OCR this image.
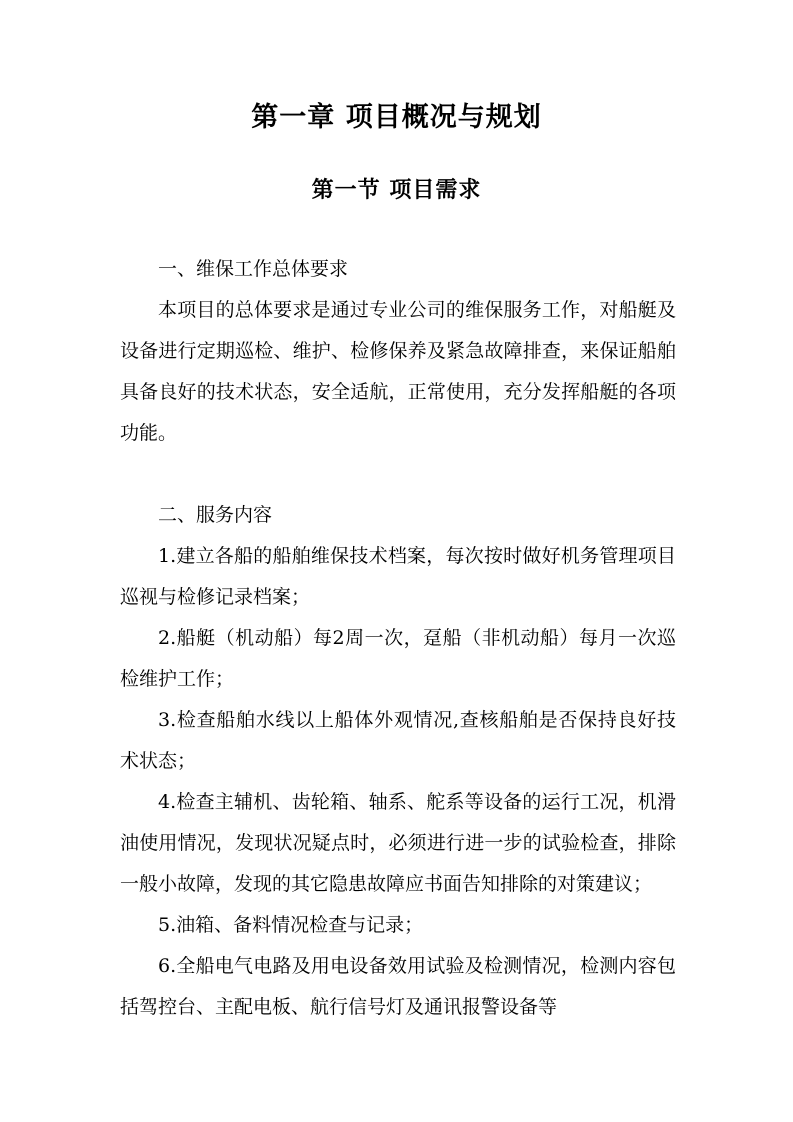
第一章 项目概况与规划
第一节 项目需求

一、维保工作总体要求

本项目的总体要求是通过专业公司的维保服务工作，对船艇及设备进行定期巡检、维护、检修保养及紧急故障排查，来保证船舶具备良好的技术状态，安全适航，正常使用，充分发挥船艇的各项功能。

二、服务内容

1.建立各船的船舶维保技术档案，每次按时做好机务管理项目巡视与检修记录档案；

2.船艇（机动船）每2周一次，趸船（非机动船）每月一次巡检维护工作；

3.检查船舶水线以上船体外观情况,查核船舶是否保持良好技术状态；

4.检查主辅机、齿轮箱、轴系、舵系等设备的运行工况，机滑油使用情况，发现状况疑点时，必须进行进一步的试验检查，排除一般小故障，发现的其它隐患故障应书面告知排除的对策建议；

5.油箱、备料情况检查与记录；

6.全船电气电路及用电设备效用试验及检测情况，检测内容包括驾控台、主配电板、航行信号灯及通讯报警设备等
